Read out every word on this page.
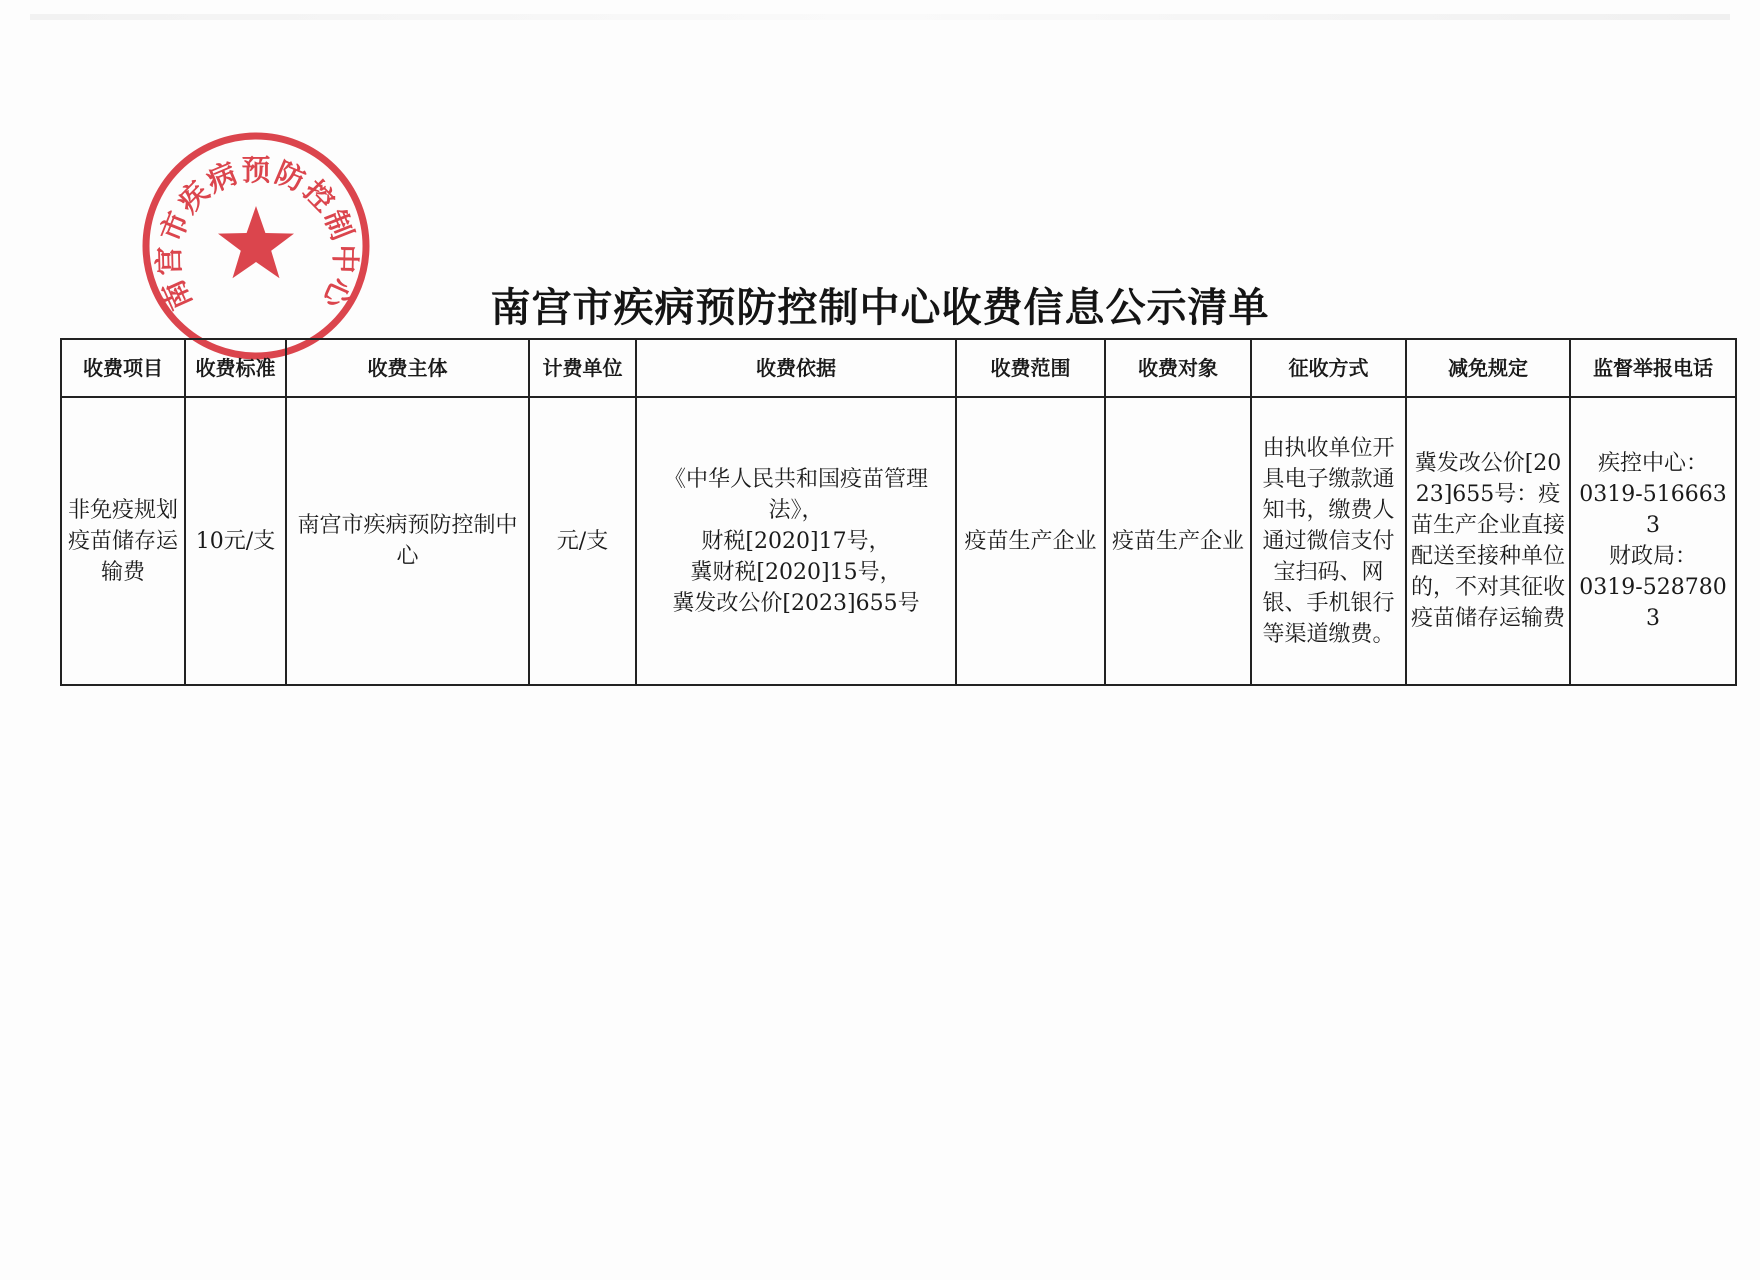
南宫市疾病预防控制中心	南宫市疾病预防控制中心收费信息公示清单
收费项目	收费标准	收费主体	计费单位	收费依据	收费范围	收费对象	征收方式	减免规定	监督举报电话
非免疫规划疫苗储存运输费	10元/支	南宫市疾病预防控制中心	元/支	《中华人民共和国疫苗管理法》，
财税[2020]17号，
冀财税[2020]15号，
冀发改公价[2023]655号	疫苗生产企业	疫苗生产企业	由执收单位开具电子缴款通知书，缴费人通过微信支付宝扫码、网银、手机银行等渠道缴费。	冀发改公价[2023]655号：疫苗生产企业直接配送至接种单位的，不对其征收疫苗储存运输费	疾控中心：
0319-5166633
财政局：
0319-5287803
